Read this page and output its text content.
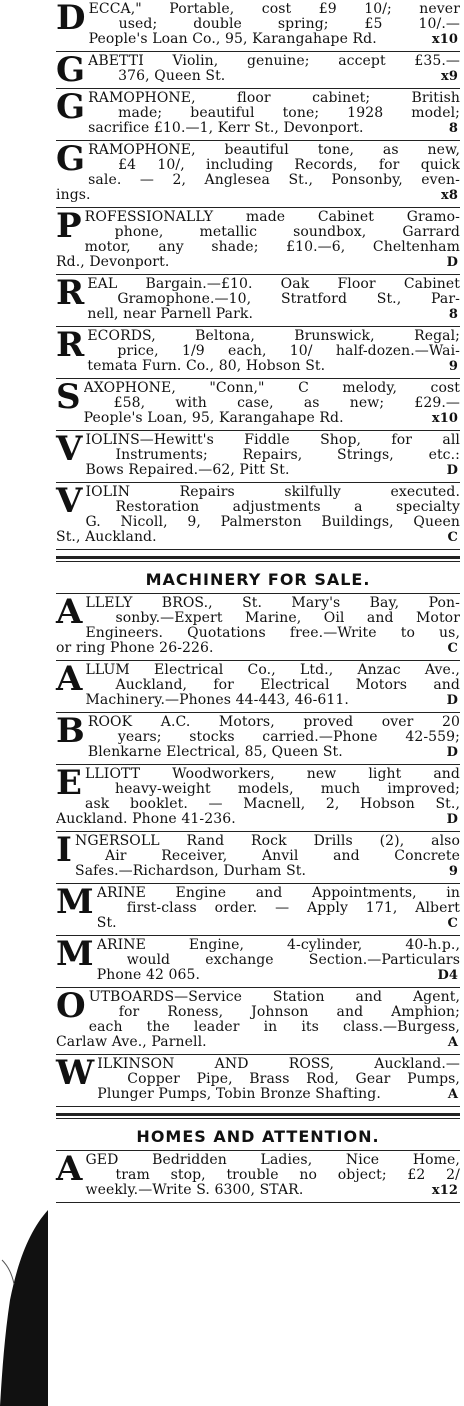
D ECCA," Portable, cost £9 10/; never
used; double spring; £5 10/.—
People's Loan Co., 95, Karangahape Rd.	x10
G ABETTI Violin, genuine; accept £35.—
376, Queen St.	x9
G RAMOPHONE, floor cabinet; British
made; beautiful tone; 1928 model;
sacrifice £10.—1, Kerr St., Devonport.	8
G RAMOPHONE, beautiful tone, as new,
£4 10/, including Records, for quick
sale. — 2, Anglesea St., Ponsonby, even-
ings.	x8
P ROFESSIONALLY made Cabinet Gramo-
phone, metallic soundbox, Garrard
motor, any shade; £10.—6, Cheltenham
Rd., Devonport.	D
R EAL Bargain.—£10. Oak Floor Cabinet
Gramophone.—10, Stratford St., Par-
nell, near Parnell Park.	8
R ECORDS, Beltona, Brunswick, Regal;
price, 1/9 each, 10/ half-dozen.—Wai-
temata Furn. Co., 80, Hobson St.	9
S AXOPHONE, "Conn," C melody, cost
£58, with case, as new; £29.—
People's Loan, 95, Karangahape Rd.	x10
V IOLINS—Hewitt's Fiddle Shop, for all
Instruments; Repairs, Strings, etc.:
Bows Repaired.—62, Pitt St.	D
V IOLIN Repairs skilfully executed.
Restoration adjustments a specialty
G. Nicoll, 9, Palmerston Buildings, Queen
St., Auckland.	C
MACHINERY FOR SALE.
A LLELY BROS., St. Mary's Bay, Pon-
sonby.—Expert Marine, Oil and Motor
Engineers. Quotations free.—Write to us,
or ring Phone 26-226.	C
A LLUM Electrical Co., Ltd., Anzac Ave.,
Auckland, for Electrical Motors and
Machinery.—Phones 44-443, 46-611.	D
B ROOK A.C. Motors, proved over 20
years; stocks carried.—Phone 42-559;
Blenkarne Electrical, 85, Queen St.	D
E LLIOTT Woodworkers, new light and
heavy-weight models, much improved;
ask booklet. — Macnell, 2, Hobson St.,
Auckland. Phone 41-236.	D
I NGERSOLL Rand Rock Drills (2), also
Air Receiver, Anvil and Concrete
Safes.—Richardson, Durham St.	9
M ARINE Engine and Appointments, in
first-class order. — Apply 171, Albert
St.	C
M ARINE Engine, 4-cylinder, 40-h.p.,
would exchange Section.—Particulars
Phone 42 065.	D4
O UTBOARDS—Service Station and Agent,
for Roness, Johnson and Amphion;
each the leader in its class.—Burgess,
Carlaw Ave., Parnell.	A
W ILKINSON AND ROSS, Auckland.—
Copper Pipe, Brass Rod, Gear Pumps,
Plunger Pumps, Tobin Bronze Shafting.	A
HOMES AND ATTENTION.
A GED Bedridden Ladies, Nice Home,
tram stop, trouble no object; £2 2/
weekly.—Write S. 6300, STAR.	x12
